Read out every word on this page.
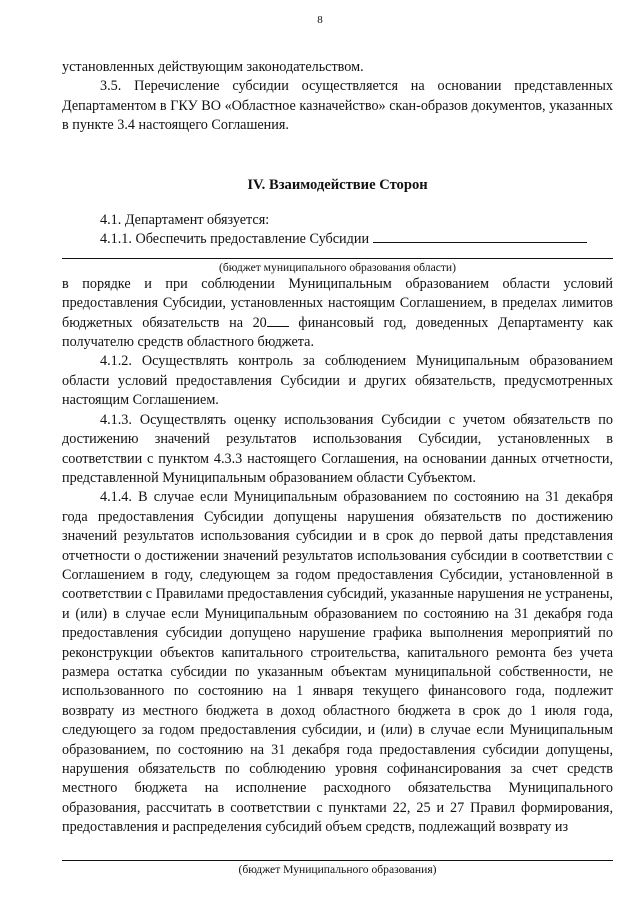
8

установленных действующим законодательством.

3.5. Перечисление субсидии осуществляется на основании представленных Департаментом в ГКУ ВО «Областное казначейство» скан-образов документов, указанных в пункте 3.4 настоящего Соглашения.

IV. Взаимодействие Сторон

4.1. Департамент обязуется:

4.1.1. Обеспечить предоставление Субсидии

(бюджет муниципального образования области)

в порядке и при соблюдении Муниципальным образованием области условий предоставления Субсидии, установленных настоящим Соглашением, в пределах лимитов бюджетных обязательств на 20 финансовый год, доведенных Департаменту как получателю средств областного бюджета.

4.1.2. Осуществлять контроль за соблюдением Муниципальным образованием области условий предоставления Субсидии и других обязательств, предусмотренных настоящим Соглашением.

4.1.3. Осуществлять оценку использования Субсидии с учетом обязательств по достижению значений результатов использования Субсидии, установленных в соответствии с пунктом 4.3.3 настоящего Соглашения, на основании данных отчетности, представленной Муниципальным образованием области Субъектом.

4.1.4. В случае если Муниципальным образованием по состоянию на 31 декабря года предоставления Субсидии допущены нарушения обязательств по достижению значений результатов использования субсидии и в срок до первой даты представления отчетности о достижении значений результатов использования субсидии в соответствии с Соглашением в году, следующем за годом предоставления Субсидии, установленной в соответствии с Правилами предоставления субсидий, указанные нарушения не устранены, и (или) в случае если Муниципальным образованием по состоянию на 31 декабря года предоставления субсидии допущено нарушение графика выполнения мероприятий по реконструкции объектов капитального строительства, капитального ремонта без учета размера остатка субсидии по указанным объектам муниципальной собственности, не использованного по состоянию на 1 января текущего финансового года, подлежит возврату из местного бюджета в доход областного бюджета в срок до 1 июля года, следующего за годом предоставления субсидии, и (или) в случае если Муниципальным образованием, по состоянию на 31 декабря года предоставления субсидии допущены, нарушения обязательств по соблюдению уровня софинансирования за счет средств местного бюджета на исполнение расходного обязательства Муниципального образования, рассчитать в соответствии с пунктами 22, 25 и 27 Правил формирования, предоставления и распределения субсидий объем средств, подлежащий возврату из

(бюджет Муниципального образования)
